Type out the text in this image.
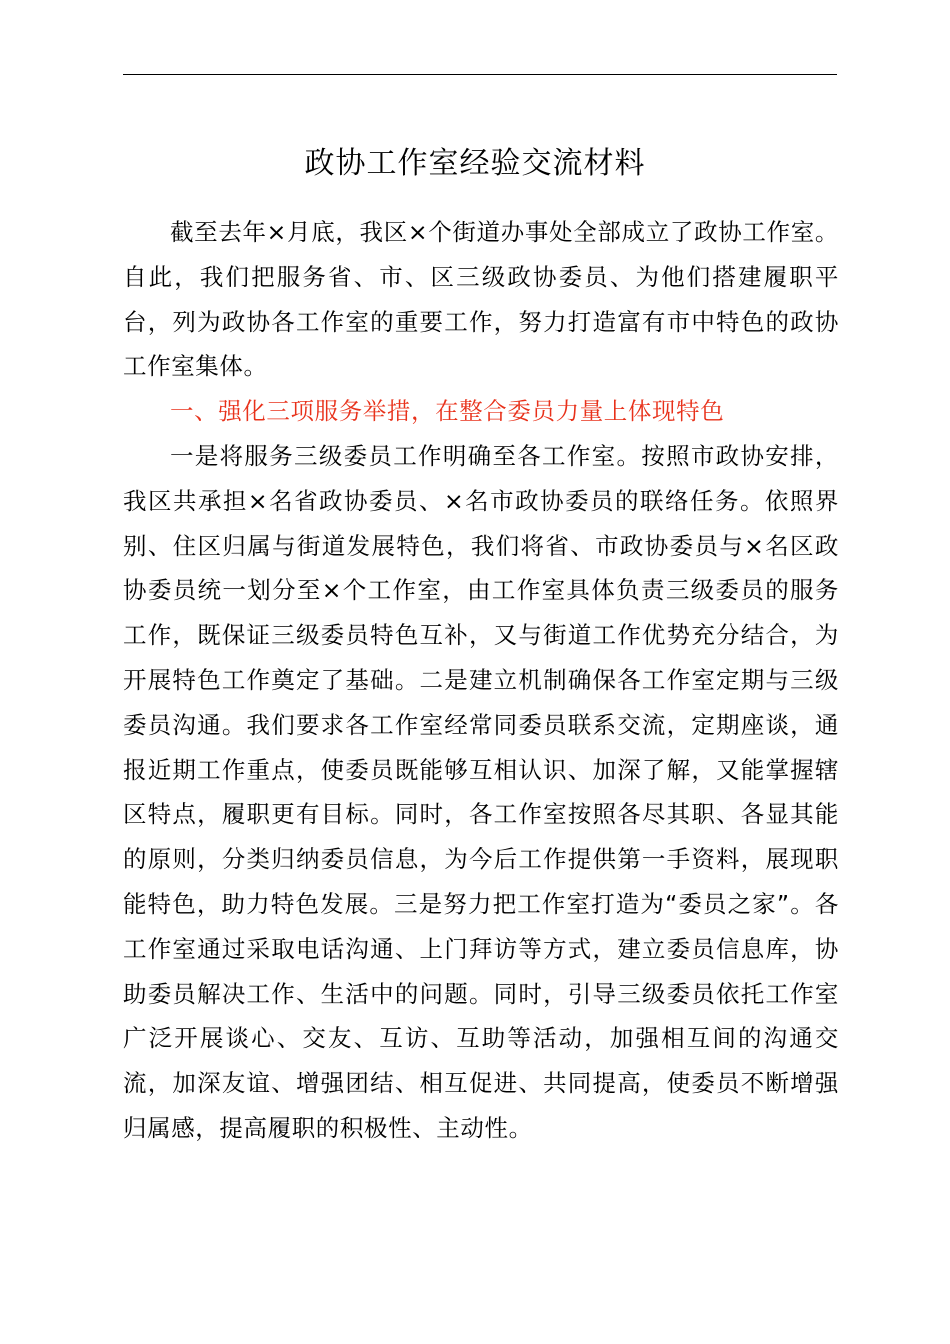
政协工作室经验交流材料

截至去年×月底，我区×个街道办事处全部成立了政协工作室。自此，我们把服务省、市、区三级政协委员、为他们搭建履职平台，列为政协各工作室的重要工作，努力打造富有市中特色的政协工作室集体。

一、强化三项服务举措，在整合委员力量上体现特色

一是将服务三级委员工作明确至各工作室。按照市政协安排，我区共承担×名省政协委员、×名市政协委员的联络任务。依照界别、住区归属与街道发展特色，我们将省、市政协委员与×名区政协委员统一划分至×个工作室，由工作室具体负责三级委员的服务工作，既保证三级委员特色互补，又与街道工作优势充分结合，为开展特色工作奠定了基础。二是建立机制确保各工作室定期与三级委员沟通。我们要求各工作室经常同委员联系交流，定期座谈，通报近期工作重点，使委员既能够互相认识、加深了解，又能掌握辖区特点，履职更有目标。同时，各工作室按照各尽其职、各显其能的原则，分类归纳委员信息，为今后工作提供第一手资料，展现职能特色，助力特色发展。三是努力把工作室打造为“委员之家”。各工作室通过采取电话沟通、上门拜访等方式，建立委员信息库，协助委员解决工作、生活中的问题。同时，引导三级委员依托工作室广泛开展谈心、交友、互访、互助等活动，加强相互间的沟通交流，加深友谊、增强团结、相互促进、共同提高，使委员不断增强归属感，提高履职的积极性、主动性。
